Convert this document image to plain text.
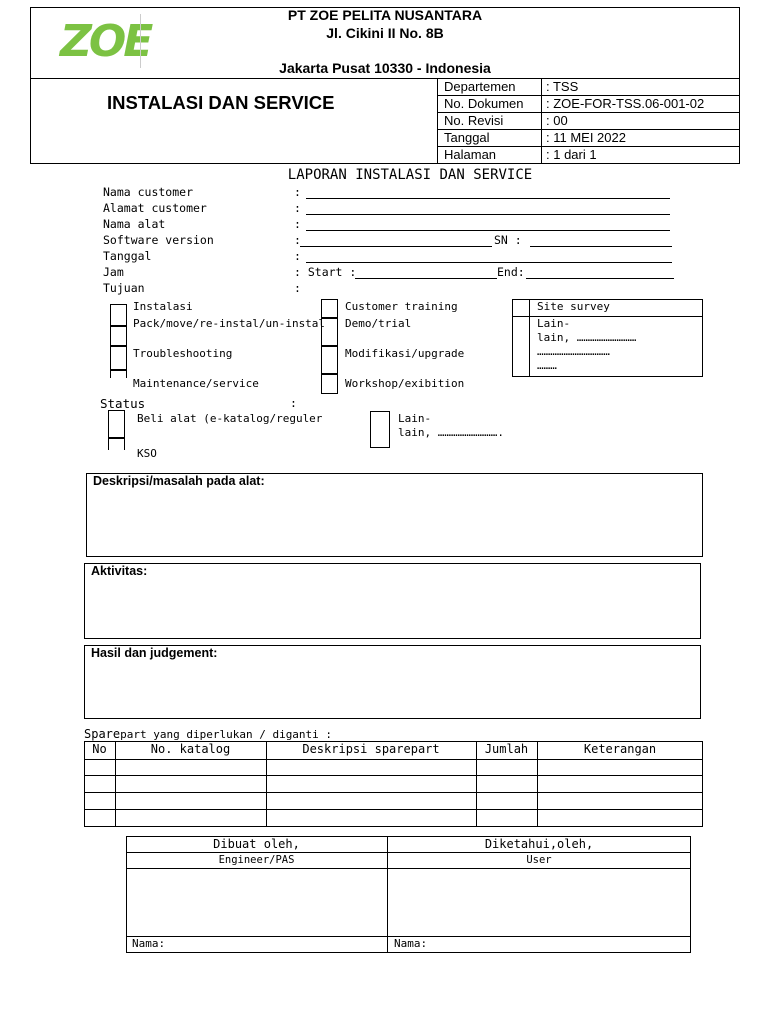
ZOE
PT ZOE PELITA NUSANTARA
Jl. Cikini II No. 8B
Jakarta Pusat 10330 - Indonesia
INSTALASI DAN SERVICE
Departemen : TSS
No. Dokumen : ZOE-FOR-TSS.06-001-02
No. Revisi	: 00
Tanggal	: 11 MEI 2022
Halaman	: 1 dari 1
LAPORAN INSTALASI DAN SERVICE
Nama customer	:
Alamat customer	:
Nama alat	:
Software version	:	SN :
Tanggal	:
Jam	: Start :	End:
Tujuan	:
Instalasi
Pack/move/re-instal/un-instal
Troubleshooting
Maintenance/service
Customer training
Demo/trial
Modifikasi/upgrade
Workshop/exibition
Site survey
Lain-
lain, ………………………
……………………………
………
Status	:
Beli alat (e-katalog/reguler
KSO
Lain-
lain, ……………………….
Deskripsi/masalah pada alat:
Aktivitas:
Hasil dan judgement:
Sparepart yang diperlukan / diganti :
No	No. katalog	Deskripsi sparepart	Jumlah	Keterangan
Dibuat oleh,	Diketahui,oleh,
Engineer/PAS	User
Nama:	Nama:
